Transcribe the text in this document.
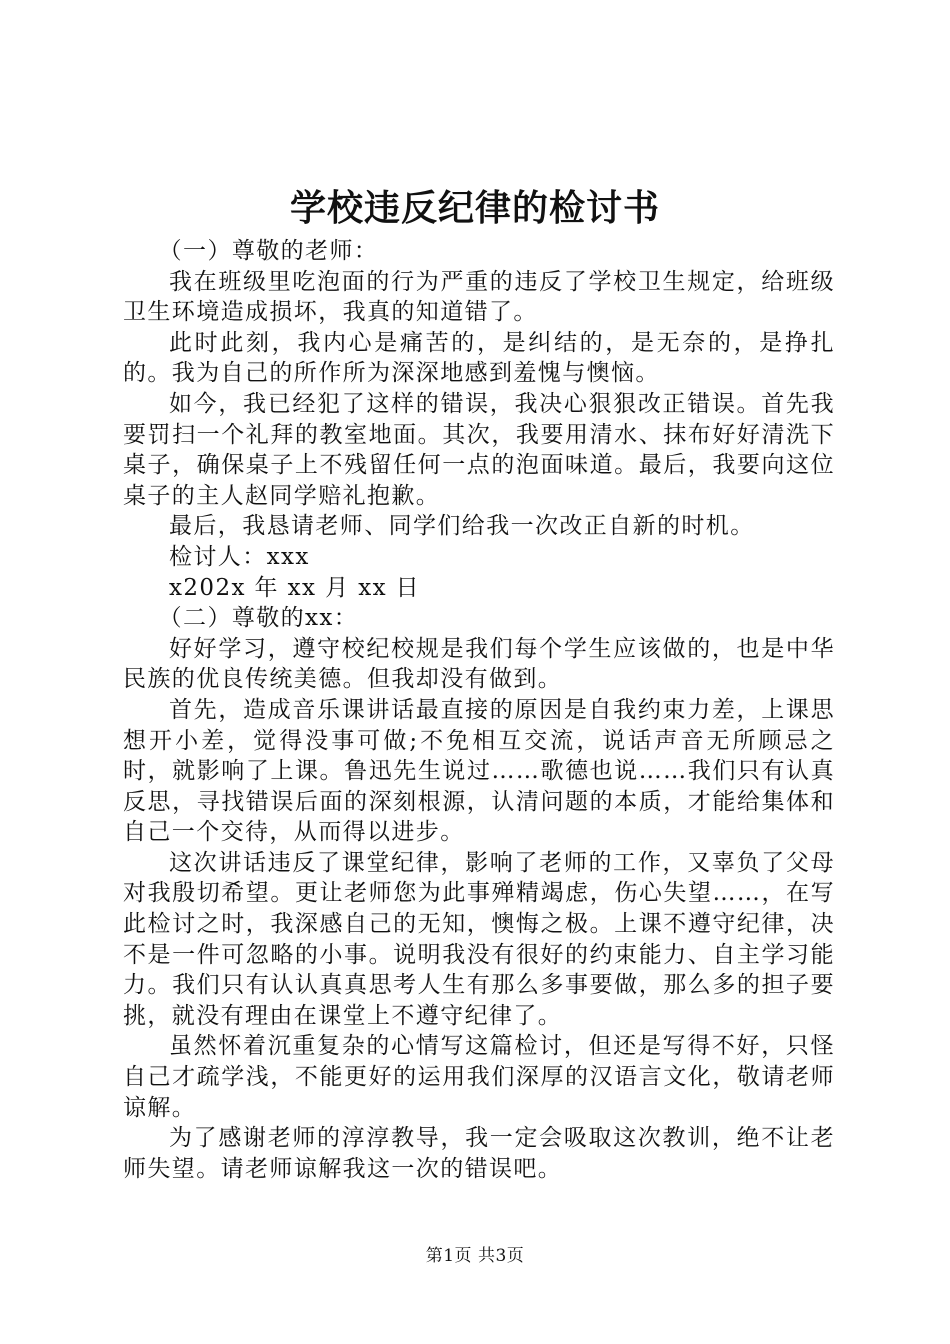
学校违反纪律的检讨书

（一）尊敬的老师：

我在班级里吃泡面的行为严重的违反了学校卫生规定，给班级卫生环境造成损坏，我真的知道错了。

此时此刻，我内心是痛苦的，是纠结的，是无奈的，是挣扎的。我为自己的所作所为深深地感到羞愧与懊恼。

如今，我已经犯了这样的错误，我决心狠狠改正错误。首先我要罚扫一个礼拜的教室地面。其次，我要用清水、抹布好好清洗下桌子，确保桌子上不残留任何一点的泡面味道。最后，我要向这位桌子的主人赵同学赔礼抱歉。

最后，我恳请老师、同学们给我一次改正自新的时机。

检讨人：xxx

x202x 年 xx 月 xx 日

（二）尊敬的xx：

好好学习，遵守校纪校规是我们每个学生应该做的，也是中华民族的优良传统美德。但我却没有做到。

首先，造成音乐课讲话最直接的原因是自我约束力差，上课思想开小差，觉得没事可做;不免相互交流，说话声音无所顾忌之时，就影响了上课。鲁迅先生说过……歌德也说……我们只有认真反思，寻找错误后面的深刻根源，认清问题的本质，才能给集体和自己一个交待，从而得以进步。

这次讲话违反了课堂纪律，影响了老师的工作，又辜负了父母对我殷切希望。更让老师您为此事殚精竭虑，伤心失望……，在写此检讨之时，我深感自己的无知，懊悔之极。上课不遵守纪律，决不是一件可忽略的小事。说明我没有很好的约束能力、自主学习能力。我们只有认认真真思考人生有那么多事要做，那么多的担子要挑，就没有理由在课堂上不遵守纪律了。

虽然怀着沉重复杂的心情写这篇检讨，但还是写得不好，只怪自己才疏学浅，不能更好的运用我们深厚的汉语言文化，敬请老师谅解。

为了感谢老师的淳淳教导，我一定会吸取这次教训，绝不让老师失望。请老师谅解我这一次的错误吧。

第1页 共3页
